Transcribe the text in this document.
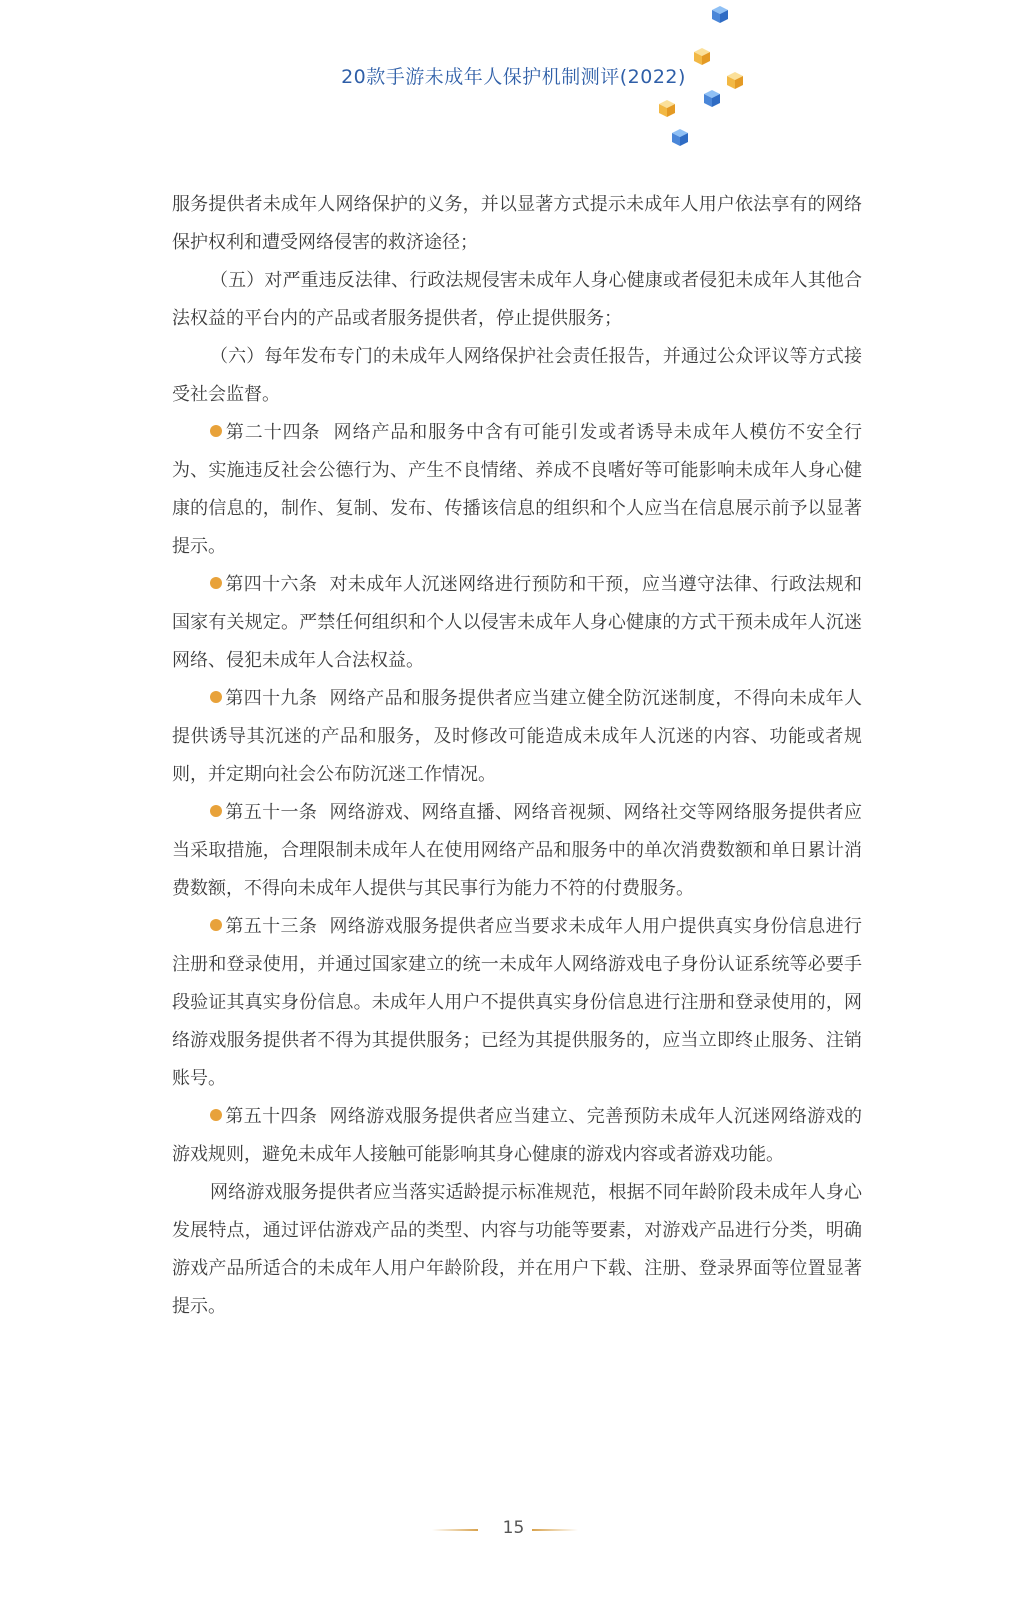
20款手游未成年人保护机制测评(2022)

服务提供者未成年人网络保护的义务，并以显著方式提示未成年人用户依法享有的网络保护权利和遭受网络侵害的救济途径；

（五）对严重违反法律、行政法规侵害未成年人身心健康或者侵犯未成年人其他合法权益的平台内的产品或者服务提供者，停止提供服务；

（六）每年发布专门的未成年人网络保护社会责任报告，并通过公众评议等方式接受社会监督。

第二十四条 网络产品和服务中含有可能引发或者诱导未成年人模仿不安全行为、实施违反社会公德行为、产生不良情绪、养成不良嗜好等可能影响未成年人身心健康的信息的，制作、复制、发布、传播该信息的组织和个人应当在信息展示前予以显著提示。

第四十六条 对未成年人沉迷网络进行预防和干预，应当遵守法律、行政法规和国家有关规定。严禁任何组织和个人以侵害未成年人身心健康的方式干预未成年人沉迷网络、侵犯未成年人合法权益。

第四十九条 网络产品和服务提供者应当建立健全防沉迷制度，不得向未成年人提供诱导其沉迷的产品和服务，及时修改可能造成未成年人沉迷的内容、功能或者规则，并定期向社会公布防沉迷工作情况。

第五十一条 网络游戏、网络直播、网络音视频、网络社交等网络服务提供者应当采取措施，合理限制未成年人在使用网络产品和服务中的单次消费数额和单日累计消费数额，不得向未成年人提供与其民事行为能力不符的付费服务。

第五十三条 网络游戏服务提供者应当要求未成年人用户提供真实身份信息进行注册和登录使用，并通过国家建立的统一未成年人网络游戏电子身份认证系统等必要手段验证其真实身份信息。未成年人用户不提供真实身份信息进行注册和登录使用的，网络游戏服务提供者不得为其提供服务；已经为其提供服务的，应当立即终止服务、注销账号。

第五十四条 网络游戏服务提供者应当建立、完善预防未成年人沉迷网络游戏的游戏规则，避免未成年人接触可能影响其身心健康的游戏内容或者游戏功能。

网络游戏服务提供者应当落实适龄提示标准规范，根据不同年龄阶段未成年人身心发展特点，通过评估游戏产品的类型、内容与功能等要素，对游戏产品进行分类，明确游戏产品所适合的未成年人用户年龄阶段，并在用户下载、注册、登录界面等位置显著提示。

15
